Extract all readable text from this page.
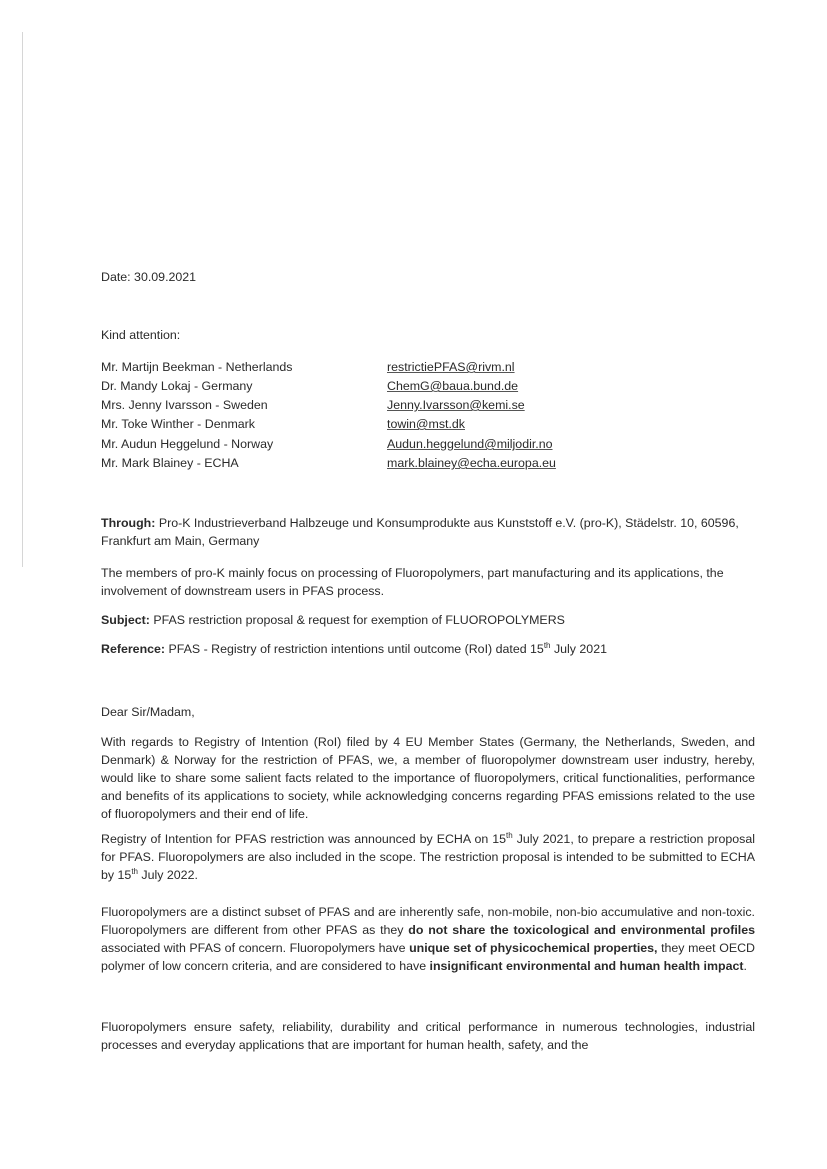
Date: 30.09.2021

Kind attention:

Mr. Martijn Beekman - Netherlands	restrictiePFAS@rivm.nl
Dr. Mandy Lokaj - Germany	ChemG@baua.bund.de
Mrs. Jenny Ivarsson - Sweden	Jenny.Ivarsson@kemi.se
Mr. Toke Winther - Denmark	towin@mst.dk
Mr. Audun Heggelund - Norway	Audun.heggelund@miljodir.no
Mr. Mark Blainey - ECHA	mark.blainey@echa.europa.eu

Through: Pro-K Industrieverband Halbzeuge und Konsumprodukte aus Kunststoff e.V. (pro-K), Städelstr. 10, 60596, Frankfurt am Main, Germany

The members of pro-K mainly focus on processing of Fluoropolymers, part manufacturing and its applications, the involvement of downstream users in PFAS process.

Subject: PFAS restriction proposal & request for exemption of FLUOROPOLYMERS

Reference: PFAS - Registry of restriction intentions until outcome (RoI) dated 15th July 2021

Dear Sir/Madam,

With regards to Registry of Intention (RoI) filed by 4 EU Member States (Germany, the Netherlands, Sweden, and Denmark) & Norway for the restriction of PFAS, we, a member of fluoropolymer downstream user industry, hereby, would like to share some salient facts related to the importance of fluoropolymers, critical functionalities, performance and benefits of its applications to society, while acknowledging concerns regarding PFAS emissions related to the use of fluoropolymers and their end of life.

Registry of Intention for PFAS restriction was announced by ECHA on 15th July 2021, to prepare a restriction proposal for PFAS. Fluoropolymers are also included in the scope. The restriction proposal is intended to be submitted to ECHA by 15th July 2022.

Fluoropolymers are a distinct subset of PFAS and are inherently safe, non-mobile, non-bio accumulative and non-toxic. Fluoropolymers are different from other PFAS as they do not share the toxicological and environmental profiles associated with PFAS of concern. Fluoropolymers have unique set of physicochemical properties, they meet OECD polymer of low concern criteria, and are considered to have insignificant environmental and human health impact.

Fluoropolymers ensure safety, reliability, durability and critical performance in numerous technologies, industrial processes and everyday applications that are important for human health, safety, and the
